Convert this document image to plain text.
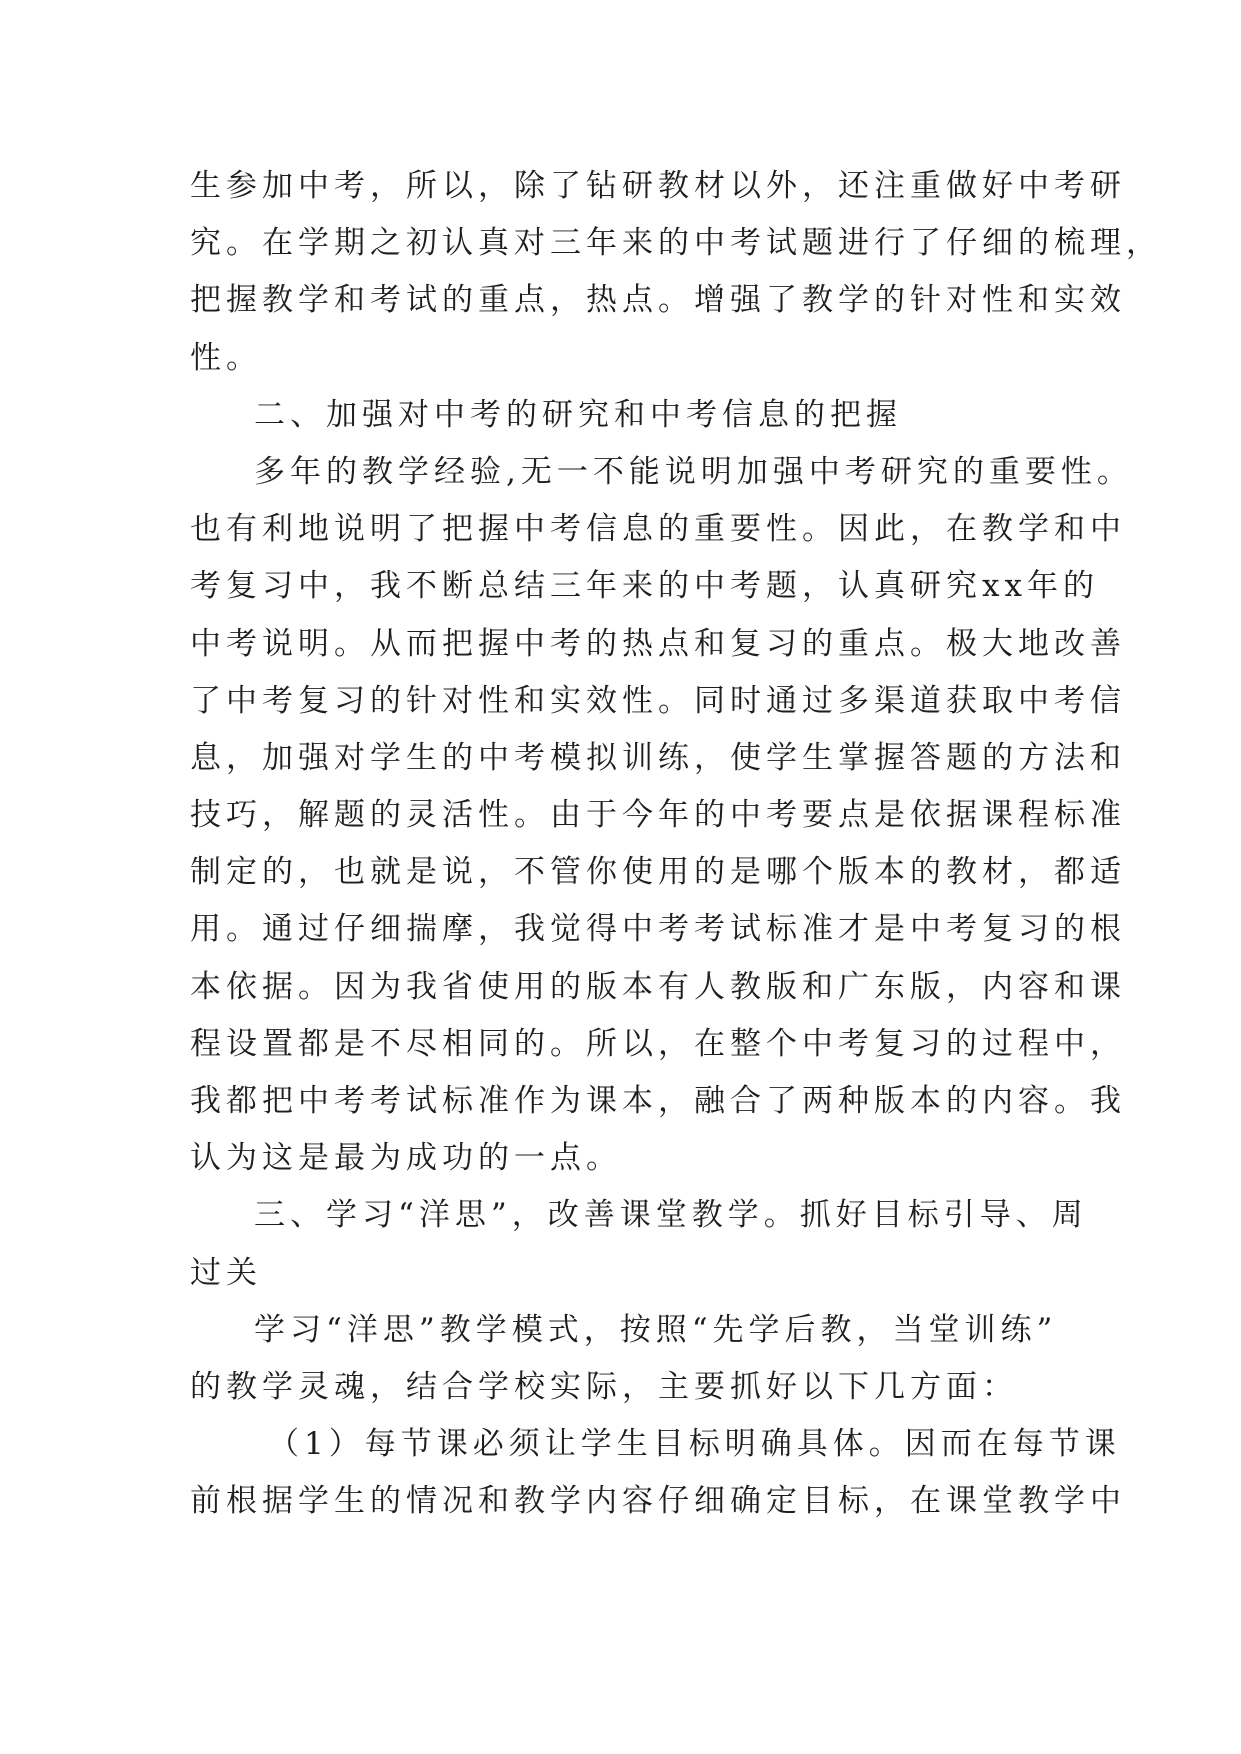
生参加中考，所以，除了钻研教材以外，还注重做好中考研
究。在学期之初认真对三年来的中考试题进行了仔细的梳理，
把握教学和考试的重点，热点。增强了教学的针对性和实效
性。
二、加强对中考的研究和中考信息的把握
多年的教学经验,无一不能说明加强中考研究的重要性。
也有利地说明了把握中考信息的重要性。因此，在教学和中
考复习中，我不断总结三年来的中考题，认真研究xx年的
中考说明。从而把握中考的热点和复习的重点。极大地改善
了中考复习的针对性和实效性。同时通过多渠道获取中考信
息，加强对学生的中考模拟训练，使学生掌握答题的方法和
技巧，解题的灵活性。由于今年的中考要点是依据课程标准
制定的，也就是说，不管你使用的是哪个版本的教材，都适
用。通过仔细揣摩，我觉得中考考试标准才是中考复习的根
本依据。因为我省使用的版本有人教版和广东版，内容和课
程设置都是不尽相同的。所以，在整个中考复习的过程中，
我都把中考考试标准作为课本，融合了两种版本的内容。我
认为这是最为成功的一点。
三、学习“洋思”，改善课堂教学。抓好目标引导、周
过关
学习“洋思”教学模式，按照“先学后教，当堂训练”
的教学灵魂，结合学校实际，主要抓好以下几方面：
（1）每节课必须让学生目标明确具体。因而在每节课
前根据学生的情况和教学内容仔细确定目标，在课堂教学中
